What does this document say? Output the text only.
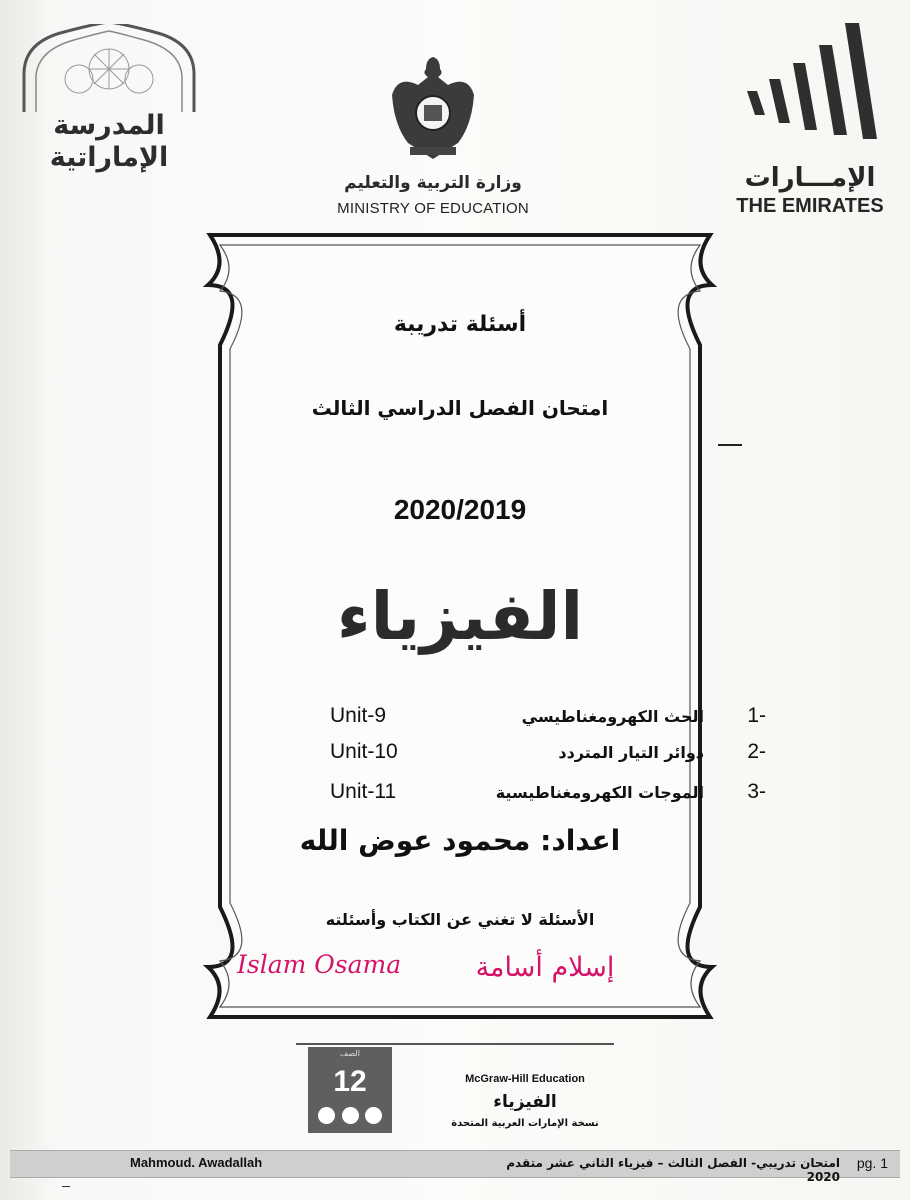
المدرسة
الإماراتية
وزارة التربية والتعليم
MINISTRY OF EDUCATION
الإمـــارات
THE EMIRATES
أسئلة تدريبة
امتحان الفصل الدراسي الثالث
2020/2019
الفيزياء
Unit-9	الحث الكهرومغناطيسي 1-
Unit-10	دوائر التيار المتردد 2-
Unit-11	الموجات الكهرومغناطيسية 3-
اعداد: محمود عوض الله
الأسئلة لا تغني عن الكتاب وأسئلته
Islam Osama	إسلام أسامة
الصف
12	McGraw-Hill Education
الفيزياء
نسخة الإمارات العربية المتحدة
Mahmoud. Awadallah	امتحان تدريبي- الفصل الثالث – فيزياء الثاني عشر متقدم 2020
pg. 1
